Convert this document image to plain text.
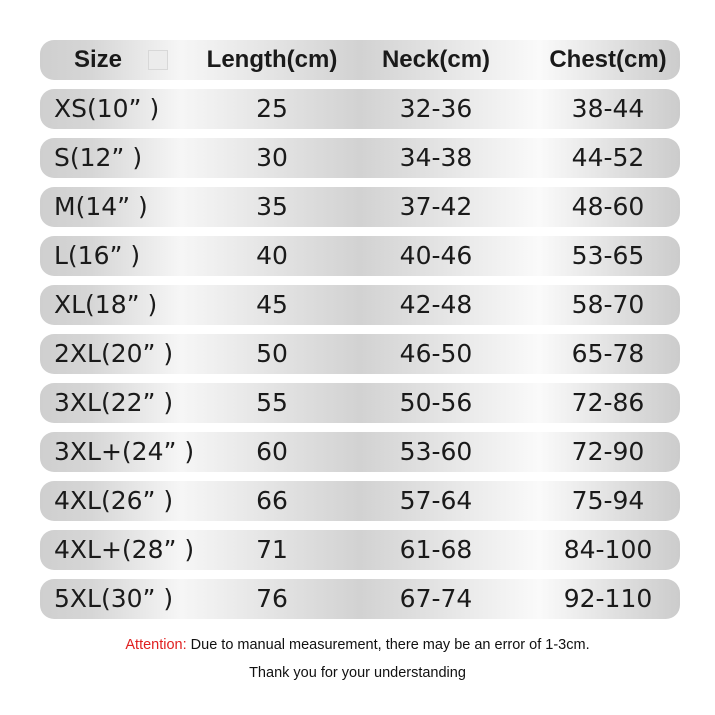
Size	Length(cm) Neck(cm) Chest(cm)
XS(10” )	25	32-36	38-44
S(12” )	30	34-38	44-52
M(14” )	35	37-42	48-60
L(16” )	40	40-46	53-65
XL(18” )	45	42-48	58-70
2XL(20” )	50	46-50	65-78
3XL(22” )	55	50-56	72-86
3XL+(24” ) 60	53-60	72-90
4XL(26” )	66	57-64	75-94
4XL+(28” ) 71	61-68	84-100
5XL(30” )	76	67-74	92-110
Attention: Due to manual measurement, there may be an error of 1-3cm.
Thank you for your understanding
